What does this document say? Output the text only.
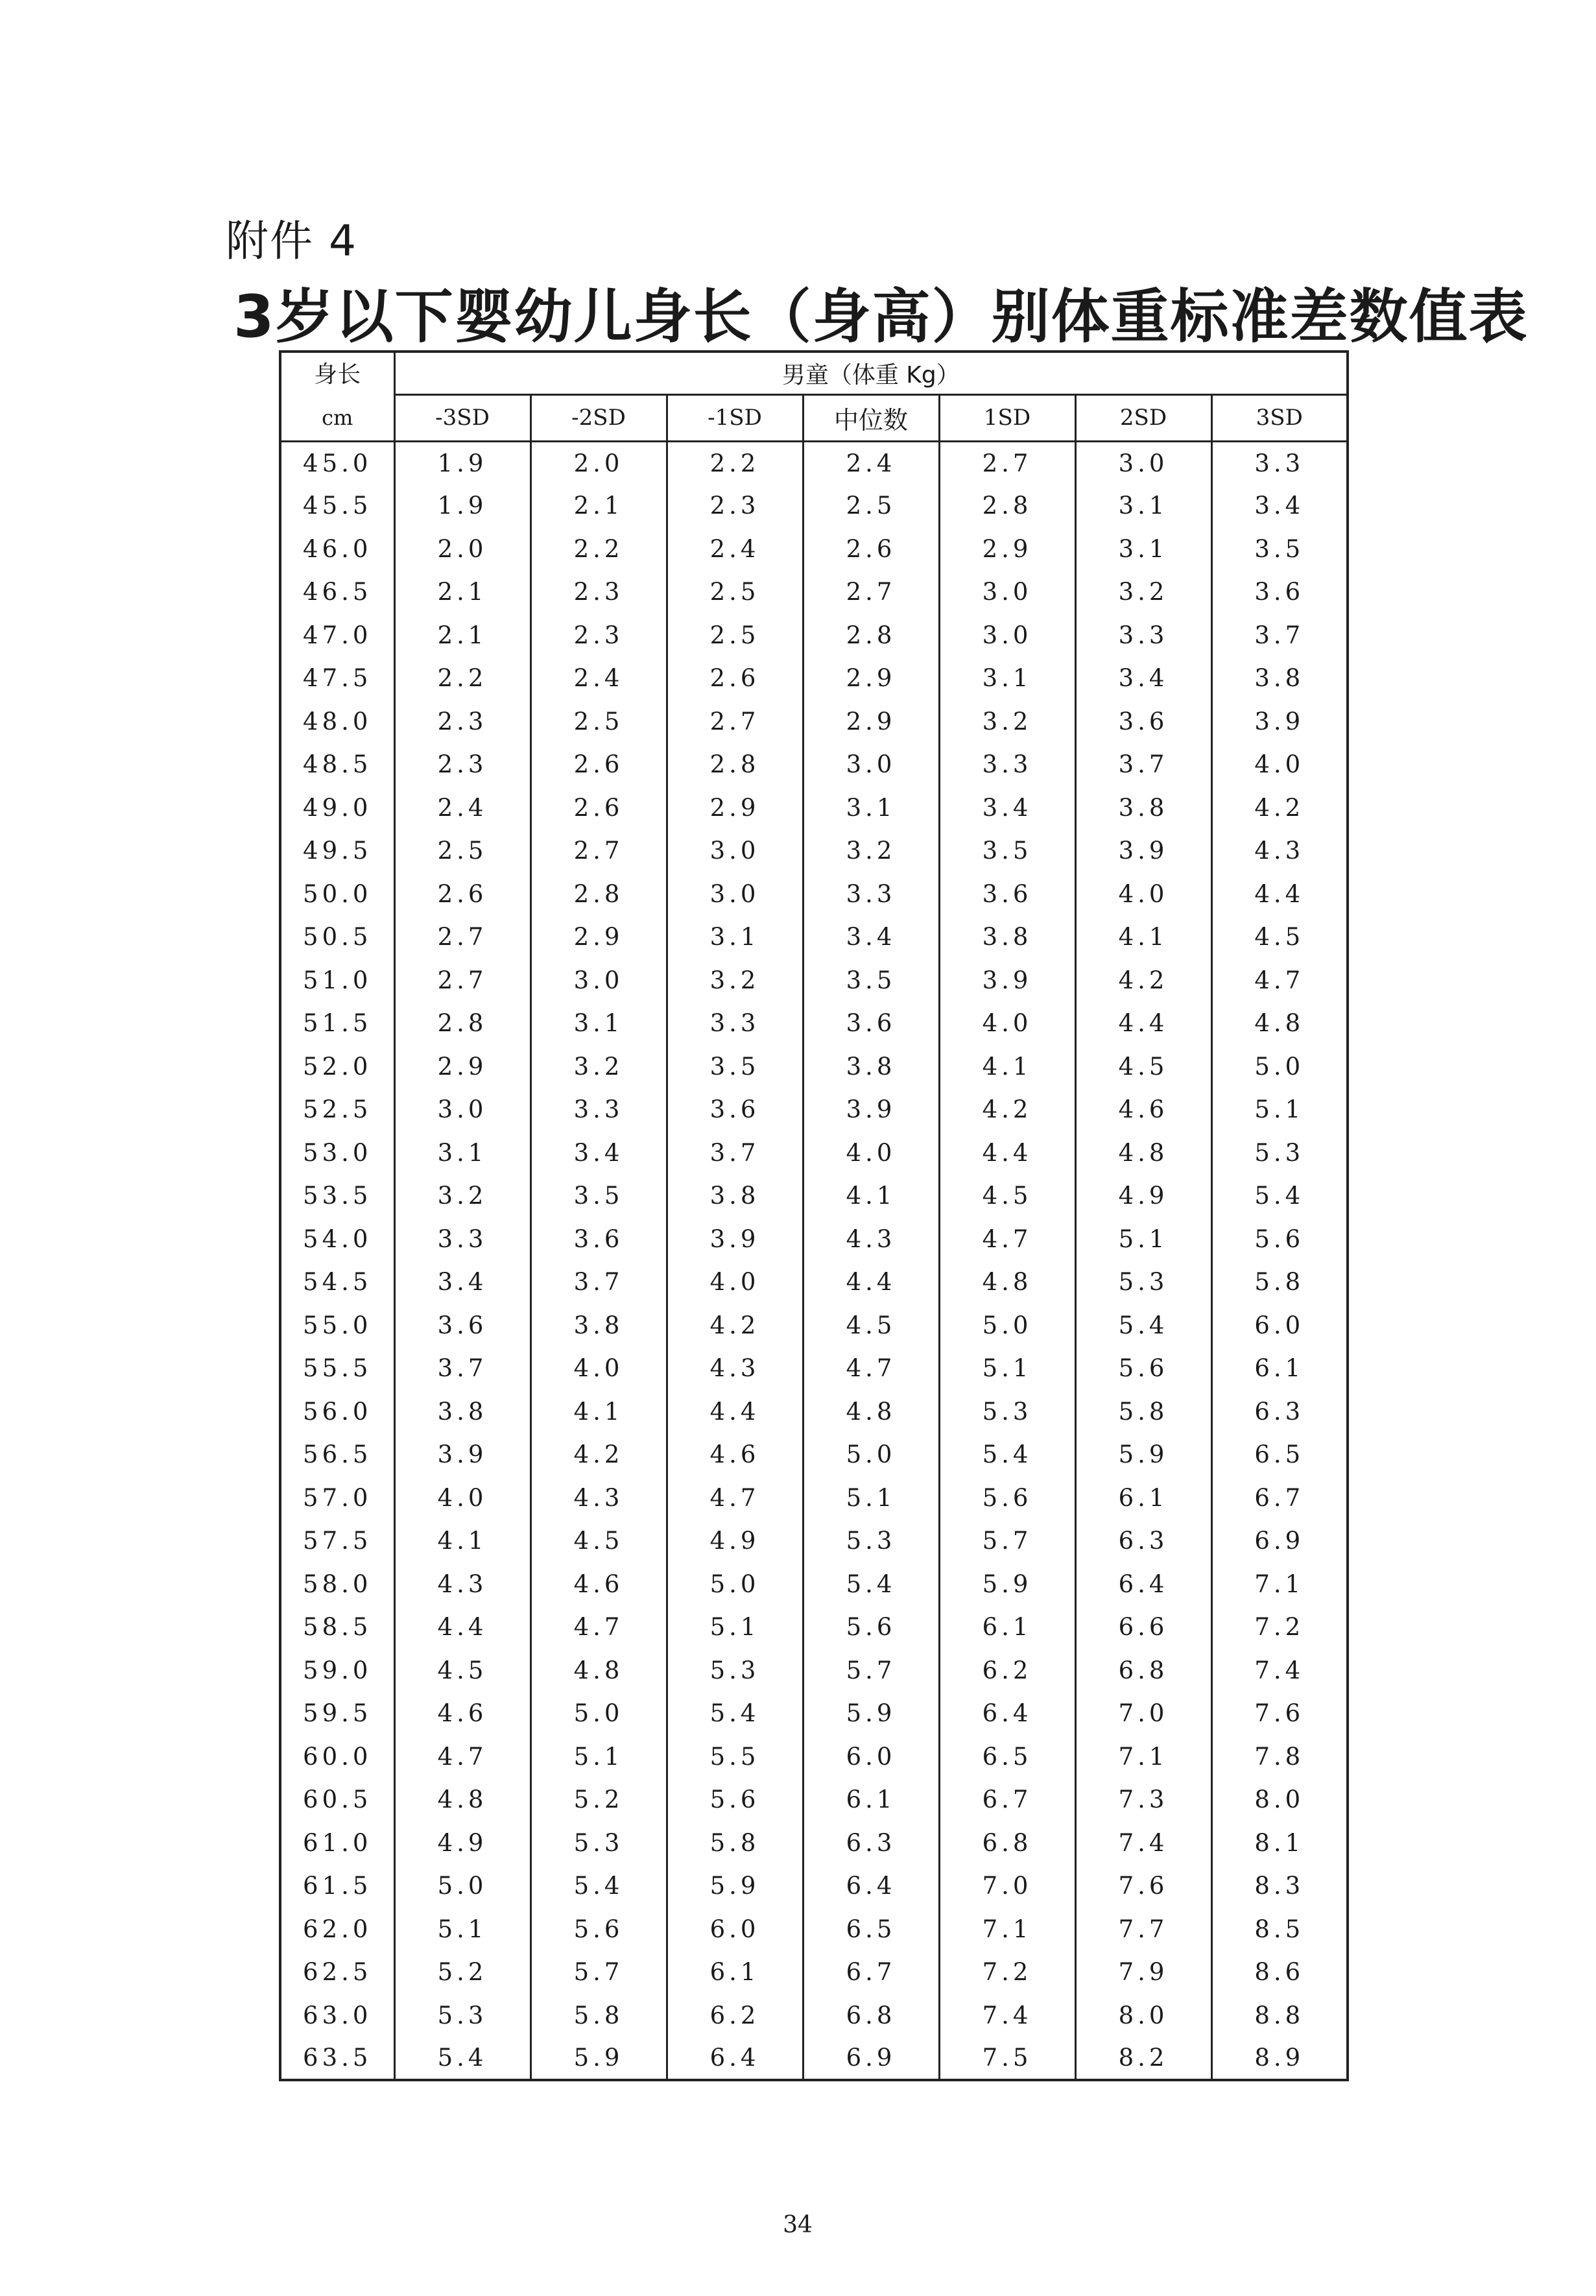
附件 4
3岁以下婴幼儿身长（身高）别体重标准差数值表
身长
cm	男童（体重 Kg）						
	-3SD	-2SD	-1SD	中位数	1SD	2SD	3SD
45.0	1.9	2.0	2.2	2.4	2.7	3.0	3.3
45.5	1.9	2.1	2.3	2.5	2.8	3.1	3.4
46.0	2.0	2.2	2.4	2.6	2.9	3.1	3.5
46.5	2.1	2.3	2.5	2.7	3.0	3.2	3.6
47.0	2.1	2.3	2.5	2.8	3.0	3.3	3.7
47.5	2.2	2.4	2.6	2.9	3.1	3.4	3.8
48.0	2.3	2.5	2.7	2.9	3.2	3.6	3.9
48.5	2.3	2.6	2.8	3.0	3.3	3.7	4.0
49.0	2.4	2.6	2.9	3.1	3.4	3.8	4.2
49.5	2.5	2.7	3.0	3.2	3.5	3.9	4.3
50.0	2.6	2.8	3.0	3.3	3.6	4.0	4.4
50.5	2.7	2.9	3.1	3.4	3.8	4.1	4.5
51.0	2.7	3.0	3.2	3.5	3.9	4.2	4.7
51.5	2.8	3.1	3.3	3.6	4.0	4.4	4.8
52.0	2.9	3.2	3.5	3.8	4.1	4.5	5.0
52.5	3.0	3.3	3.6	3.9	4.2	4.6	5.1
53.0	3.1	3.4	3.7	4.0	4.4	4.8	5.3
53.5	3.2	3.5	3.8	4.1	4.5	4.9	5.4
54.0	3.3	3.6	3.9	4.3	4.7	5.1	5.6
54.5	3.4	3.7	4.0	4.4	4.8	5.3	5.8
55.0	3.6	3.8	4.2	4.5	5.0	5.4	6.0
55.5	3.7	4.0	4.3	4.7	5.1	5.6	6.1
56.0	3.8	4.1	4.4	4.8	5.3	5.8	6.3
56.5	3.9	4.2	4.6	5.0	5.4	5.9	6.5
57.0	4.0	4.3	4.7	5.1	5.6	6.1	6.7
57.5	4.1	4.5	4.9	5.3	5.7	6.3	6.9
58.0	4.3	4.6	5.0	5.4	5.9	6.4	7.1
58.5	4.4	4.7	5.1	5.6	6.1	6.6	7.2
59.0	4.5	4.8	5.3	5.7	6.2	6.8	7.4
59.5	4.6	5.0	5.4	5.9	6.4	7.0	7.6
60.0	4.7	5.1	5.5	6.0	6.5	7.1	7.8
60.5	4.8	5.2	5.6	6.1	6.7	7.3	8.0
61.0	4.9	5.3	5.8	6.3	6.8	7.4	8.1
61.5	5.0	5.4	5.9	6.4	7.0	7.6	8.3
62.0	5.1	5.6	6.0	6.5	7.1	7.7	8.5
62.5	5.2	5.7	6.1	6.7	7.2	7.9	8.6
63.0	5.3	5.8	6.2	6.8	7.4	8.0	8.8
63.5	5.4	5.9	6.4	6.9	7.5	8.2	8.9
34
